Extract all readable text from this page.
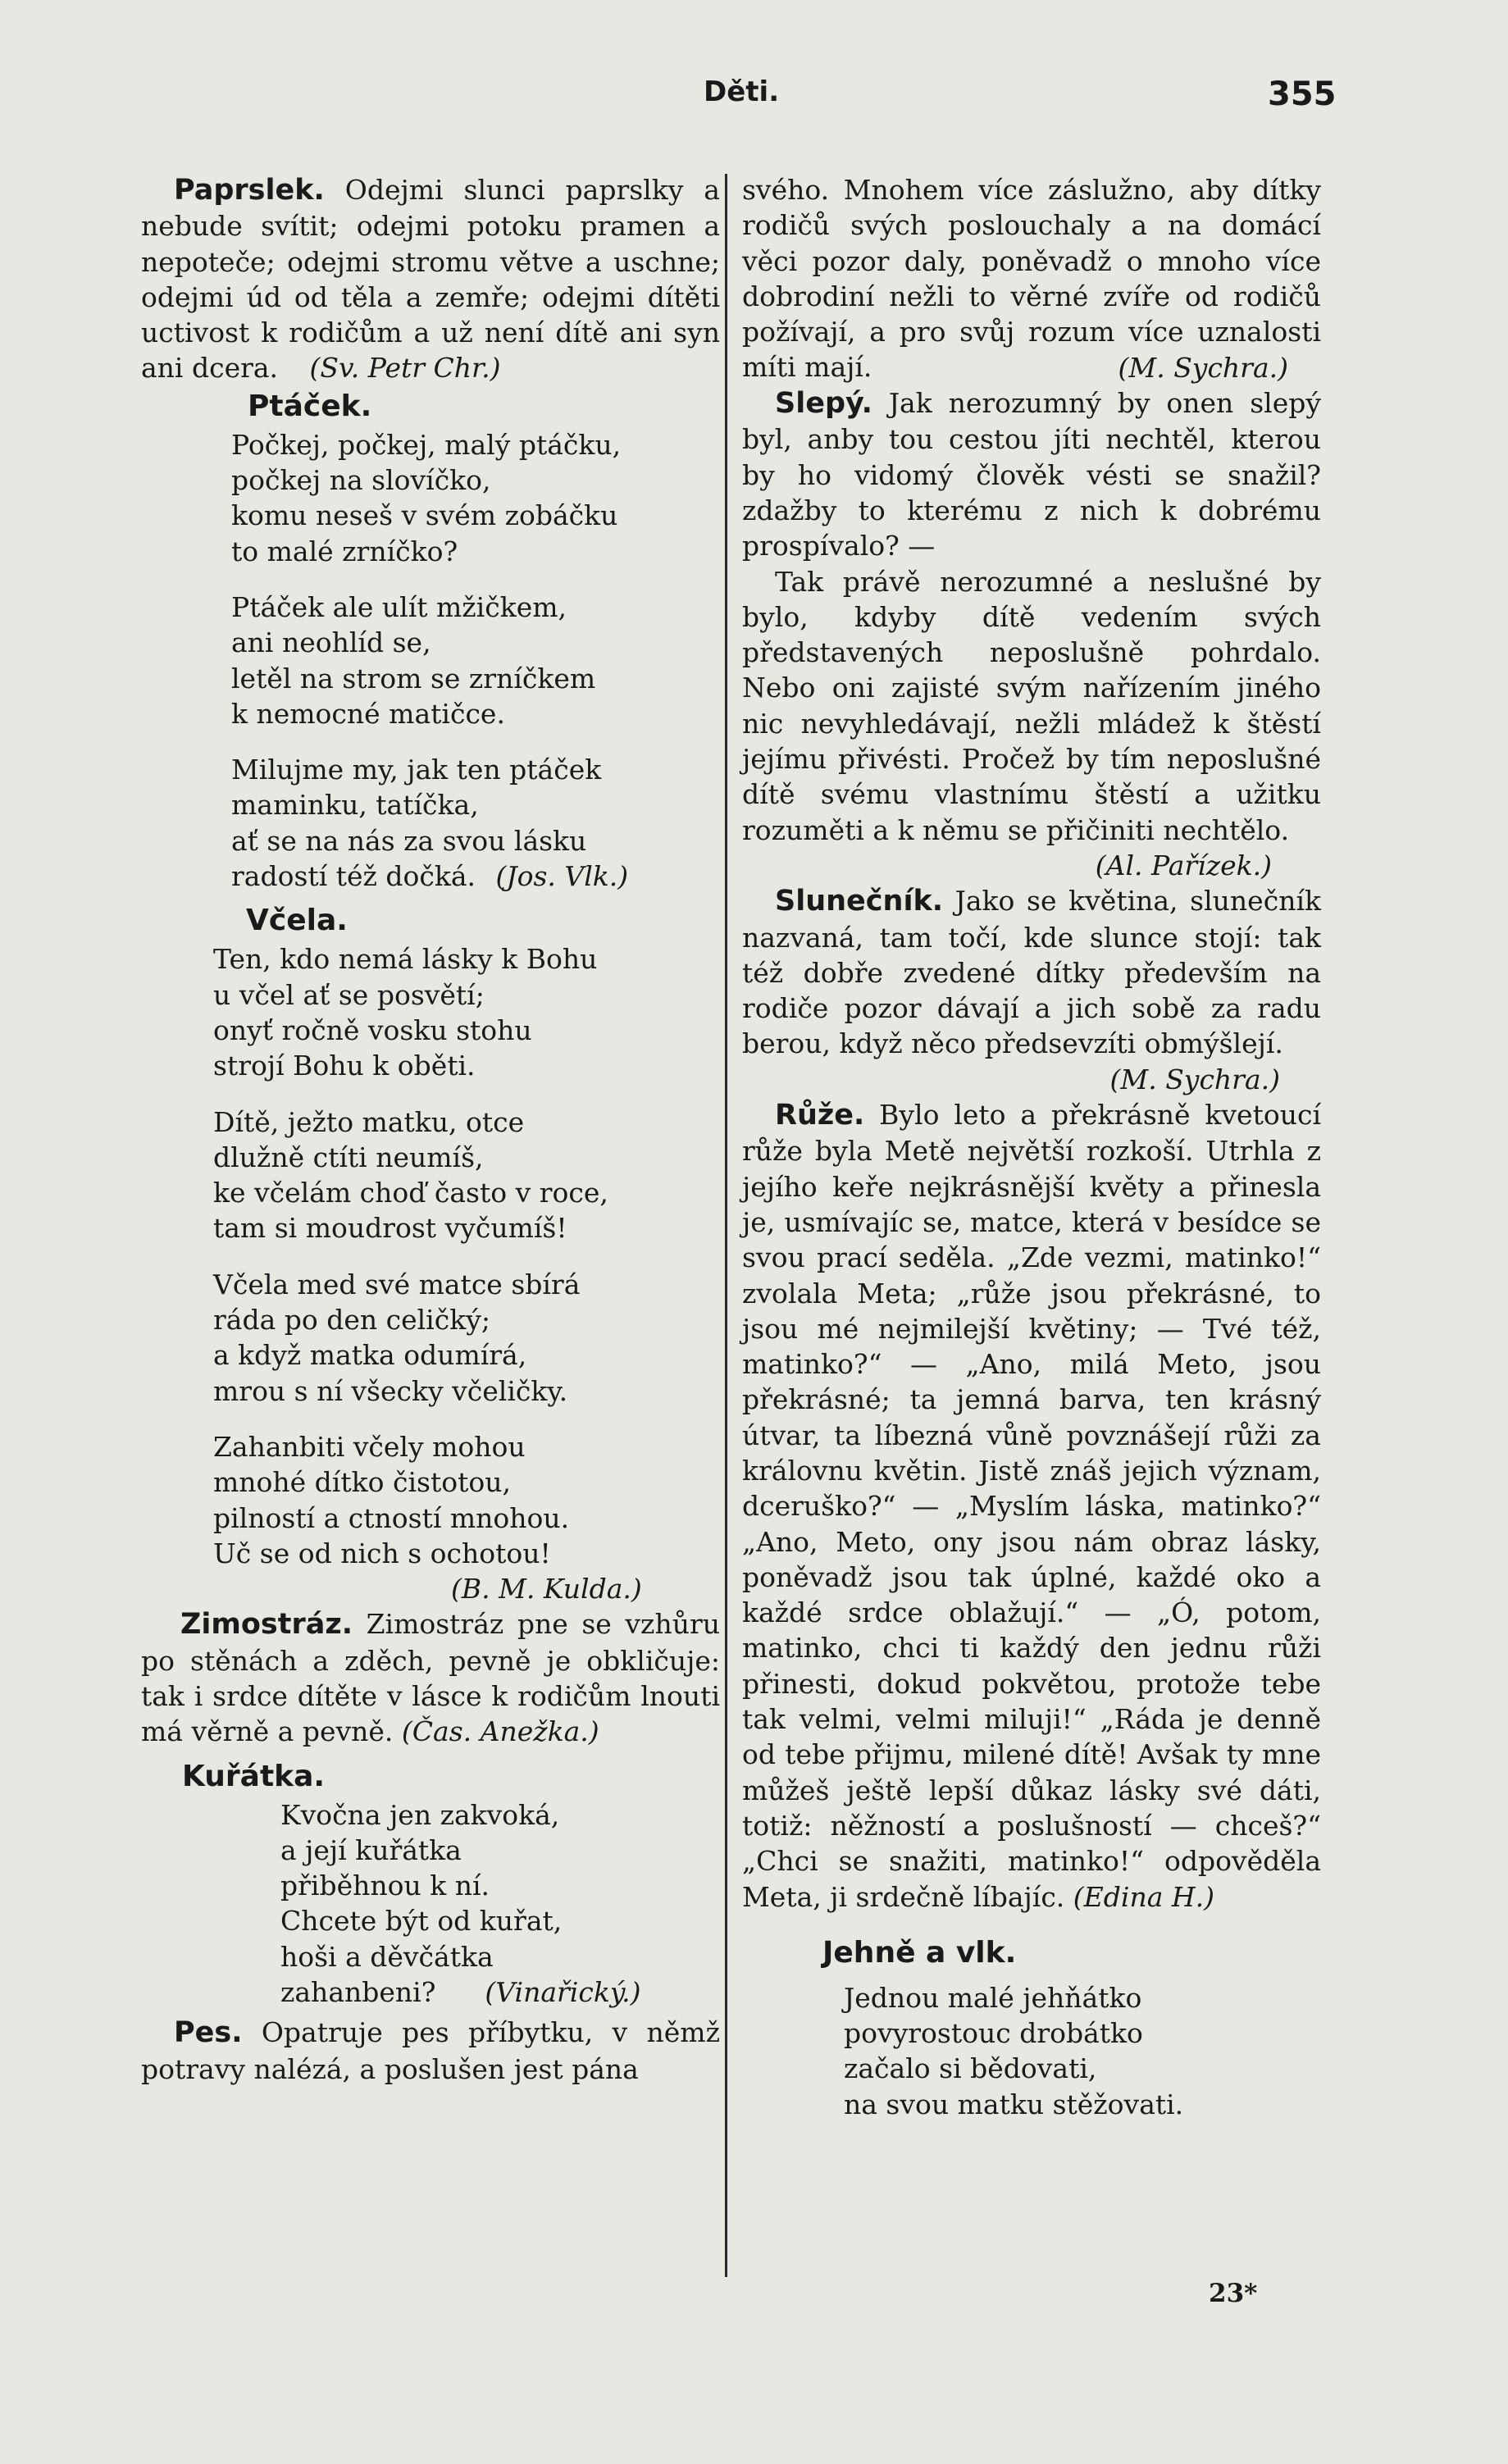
Děti.	355

Paprslek. Odejmi slunci paprslky a nebude svítit; odejmi potoku pramen a nepoteče; odejmi stromu větve a uschne; odejmi úd od těla a zemře; odejmi dítěti uctivost k rodičům a už není dítě ani syn ani dcera. (Sv. Petr Chr.)

Ptáček.
Počkej, počkej, malý ptáčku,
počkej na slovíčko,
komu neseš v svém zobáčku
to malé zrníčko?
Ptáček ale ulít mžičkem,
ani neohlíd se,
letěl na strom se zrníčkem
k nemocné matičce.
Milujme my, jak ten ptáček
maminku, tatíčka,
ať se na nás za svou lásku
radostí též dočká. (Jos. Vlk.)
Včela.
Ten, kdo nemá lásky k Bohu
u včel ať se posvětí;
onyť ročně vosku stohu
strojí Bohu k oběti.
Dítě, ježto matku, otce
dlužně ctíti neumíš,
ke včelám choď často v roce,
tam si moudrost vyčumíš!
Včela med své matce sbírá
ráda po den celičký;
a když matka odumírá,
mrou s ní všecky včeličky.
Zahanbiti včely mohou
mnohé dítko čistotou,
pilností a ctností mnohou.
Uč se od nich s ochotou!
(B. M. Kulda.)

Zimostráz. Zimostráz pne se vzhůru po stěnách a zděch, pevně je obkličuje: tak i srdce dítěte v lásce k rodičům lnouti má věrně a pevně. (Čas. Anežka.)

Kuřátka.
Kvočna jen zakvoká,
a její kuřátka
přiběhnou k ní.
Chcete být od kuřat,
hoši a děvčátka
zahanbeni? (Vinařický.)

Pes. Opatruje pes příbytku, v němž potravy nalézá, a poslušen jest pána

svého. Mnohem více záslužno, aby dítky rodičů svých poslouchaly a na domácí věci pozor daly, poněvadž o mnoho více dobrodiní nežli to věrné zvíře od rodičů požívají, a pro svůj rozum více uznalosti míti mají.	(M. Sychra.)

Slepý. Jak nerozumný by onen slepý byl, anby tou cestou jíti nechtěl, kterou by ho vidomý člověk vésti se snažil? zdažby to kterému z nich k dobrému prospívalo? —

Tak právě nerozumné a neslušné by bylo, kdyby dítě vedením svých představených neposlušně pohrdalo. Nebo oni zajisté svým nařízením jiného nic nevyhledávají, nežli mládež k štěstí jejímu přivésti. Pročež by tím neposlušné dítě svému vlastnímu štěstí a užitku rozuměti a k němu se přičiniti nechtělo.

(Al. Pařízek.)

Slunečník. Jako se květina, slunečník nazvaná, tam točí, kde slunce stojí: tak též dobře zvedené dítky především na rodiče pozor dávají a jich sobě za radu berou, když něco předsevzíti obmýšlejí.

(M. Sychra.)

Růže. Bylo leto a překrásně kvetoucí růže byla Metě největší rozkoší. Utrhla z jejího keře nejkrásnější květy a přinesla je, usmívajíc se, matce, která v besídce se svou prací seděla. „Zde vezmi, matinko!“ zvolala Meta; „růže jsou překrásné, to jsou mé nejmilejší květiny; — Tvé též, matinko?“ — „Ano, milá Meto, jsou překrásné; ta jemná barva, ten krásný útvar, ta líbezná vůně povznášejí růži za královnu květin. Jistě znáš jejich význam, dceruško?“ — „Myslím láska, matinko?“ „Ano, Meto, ony jsou nám obraz lásky, poněvadž jsou tak úplné, každé oko a každé srdce oblažují.“ — „Ó, potom, matinko, chci ti každý den jednu růži přinesti, dokud pokvětou, protože tebe tak velmi, velmi miluji!“ „Ráda je denně od tebe přijmu, milené dítě! Avšak ty mne můžeš ještě lepší důkaz lásky své dáti, totiž: něžností a poslušností — chceš?“ „Chci se snažiti, matinko!“ odpověděla Meta, ji srdečně líbajíc. (Edina H.)

Jehně a vlk.
Jednou malé jehňátko
povyrostouc drobátko
začalo si bědovati,
na svou matku stěžovati.
23*
